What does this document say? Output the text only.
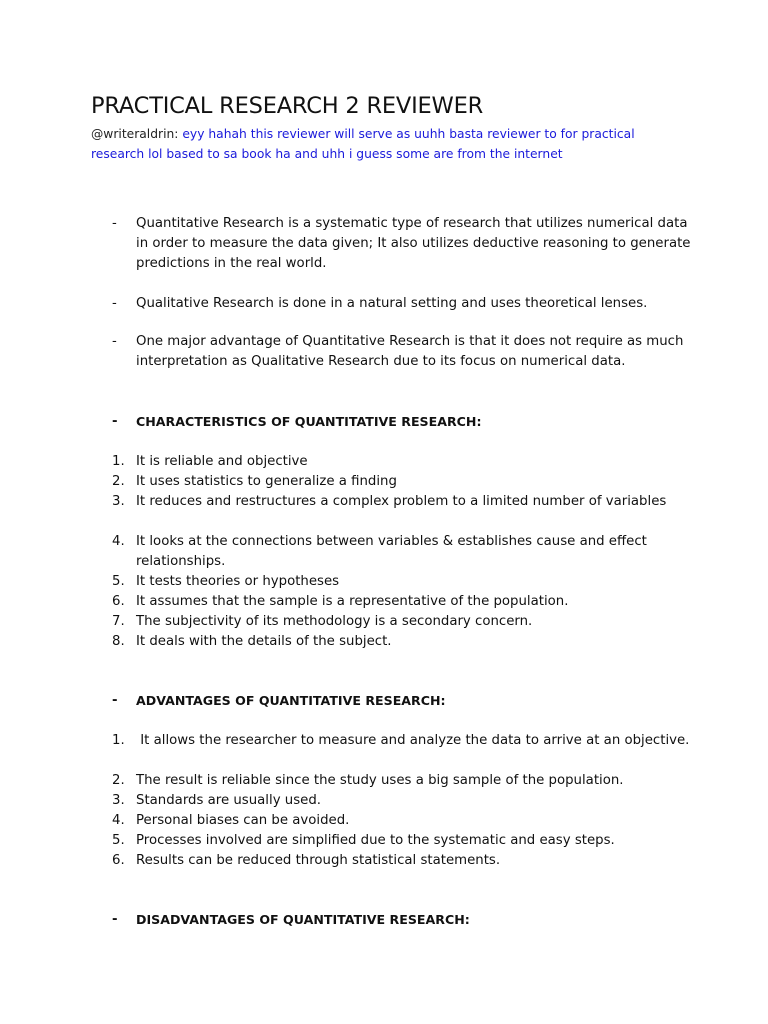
PRACTICAL RESEARCH 2 REVIEWER
@writeraldrin: eyy hahah this reviewer will serve as uuhh basta reviewer to for practical research lol based to sa book ha and uhh i guess some are from the internet
- Quantitative Research is a systematic type of research that utilizes numerical data in order to measure the data given; It also utilizes deductive reasoning to generate predictions in the real world.
- Qualitative Research is done in a natural setting and uses theoretical lenses.
- One major advantage of Quantitative Research is that it does not require as much interpretation as Qualitative Research due to its focus on numerical data.
- CHARACTERISTICS OF QUANTITATIVE RESEARCH:
1. It is reliable and objective
2. It uses statistics to generalize a finding
3. It reduces and restructures a complex problem to a limited number of variables
4. It looks at the connections between variables & establishes cause and effect relationships.
5. It tests theories or hypotheses
6. It assumes that the sample is a representative of the population.
7. The subjectivity of its methodology is a secondary concern.
8. It deals with the details of the subject.
- ADVANTAGES OF QUANTITATIVE RESEARCH:
1. It allows the researcher to measure and analyze the data to arrive at an objective.
2. The result is reliable since the study uses a big sample of the population.
3. Standards are usually used.
4. Personal biases can be avoided.
5. Processes involved are simplified due to the systematic and easy steps.
6. Results can be reduced through statistical statements.
- DISADVANTAGES OF QUANTITATIVE RESEARCH:
